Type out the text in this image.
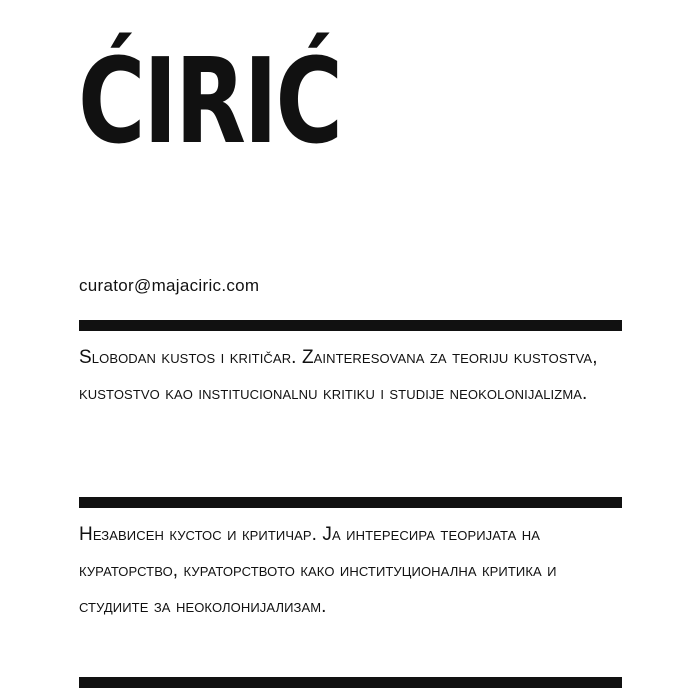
ĆIRIĆ
curator@majaciric.com

Slobodan kustos i kritičar. Zainteresovana za teoriju kustostva, kustostvo kao institucionalnu kritiku i studije neokolonijalizma.

Независен кустос и критичар. Ја интересира теоријата на кураторство, кураторството како институционална критика и студиите за неоколонијализам.
